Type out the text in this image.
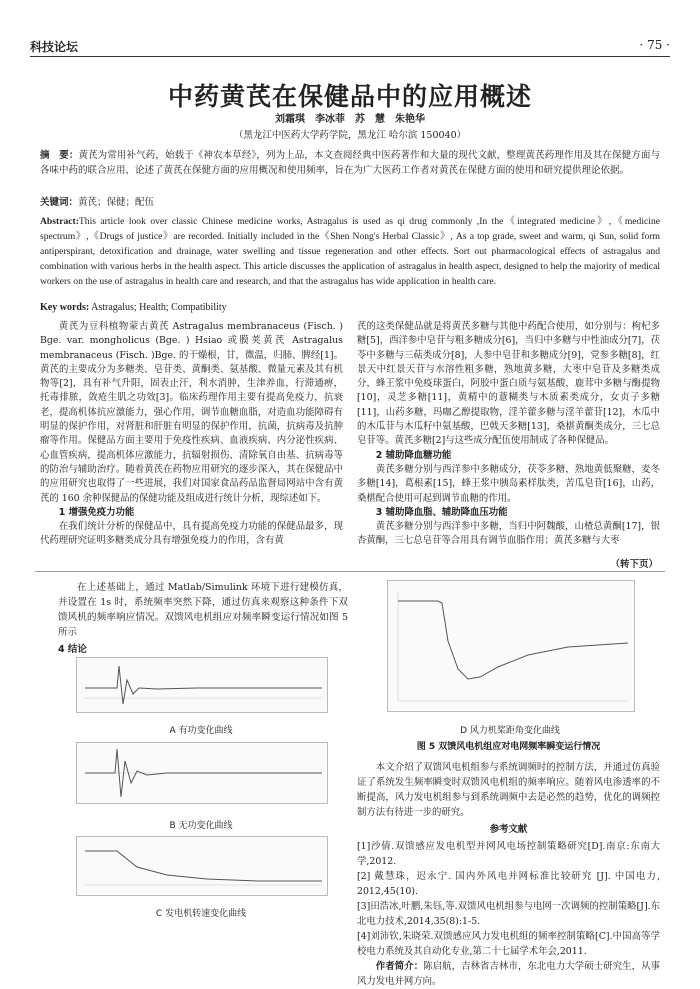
科技论坛	· 75 ·
中药黄芪在保健品中的应用概述
刘霜琪　李冰菲　苏　慧　朱艳华
（黑龙江中医药大学药学院，黑龙江 哈尔滨 150040）
摘　要：黄芪为常用补气药，始载于《神农本草经》，列为上品，本文查阅经典中医药著作和大量的现代文献，整理黄芪药理作用及其在保健方面与各味中药的联合应用，论述了黄芪在保健方面的应用概况和使用频率，旨在为广大医药工作者对黄芪在保健方面的使用和研究提供理论依据。
关键词：黄芪；保健；配伍
Abstract:This article look over classic Chinese medicine works, Astragalus is used as qi drug commonly ,In the《integrated medicine》,《medicine spectrum》,《Drugs of justice》are recorded. Initially included in the《Shen Nong's Herbal Classic》, As a top grade, sweet and warm, qi Sun, solid form antiperspirant, detoxification and drainage, water swelling and tissue regeneration and other effects. Sort out pharmacological effects of astragalus and combination with various herbs in the health aspect. This article discusses the application of astragalus in health aspect, designed to help the majority of medical workers on the use of astragalus in health care and research, and that the astragalus has wide application in health care.
Key words: Astragalus; Health; Compatibility

黄芪为豆科植物蒙古黄芪 Astragalus membranaceus (Fisch. ) Bge. var. mongholicus (Bge. ) Hsiao 或膜荚黄芪 Astragalus membranaceus (Fisch. )Bge. 的干燥根，甘，微温，归肺、脾经[1]。黄芪的主要成分为多糖类、皂苷类、黄酮类、氨基酸、微量元素及其有机物等[2]，具有补气升阳，固表止汗，利水消肿，生津养血，行滞通痹，托毒排脓，敛疮生肌之功效[3]。临床药理作用主要有提高免疫力，抗衰老，提高机体抗应激能力，强心作用，调节血糖血脂，对造血功能障碍有明显的保护作用，对肾脏和肝脏有明显的保护作用，抗菌，抗病毒及抗肿瘤等作用。保健品方面主要用于免疫性疾病、血液疾病、内分泌性疾病、心血管疾病，提高机体应激能力，抗辐射损伤、清除氧自由基、抗病毒等的防治与辅助治疗。随着黄芪在药物应用研究的逐步深入，其在保健品中的应用研究也取得了一些进展，我们对国家食品药品监督局网站中含有黄芪的 160 余种保健品的保健功能及组成进行统计分析，现综述如下。

1 增强免疫力功能

在我们统计分析的保健品中，具有提高免疫力功能的保健品最多，现代药理研究证明多糖类成分具有增强免疫力的作用，含有黄

芪的这类保健品就是将黄芪多糖与其他中药配合使用，如分别与：枸杞多糖[5]，西洋参中皂苷与粗多糖成分[6]，当归中多糖与中性油成分[7]，茯苓中多糖与三萜类成分[8]，人参中皂苷和多糖成分[9]，党参多糖[8]，红景天中红景天苷与水溶性粗多糖，熟地黄多糖，大枣中皂苷及多糖类成分，蜂王浆中免疫球蛋白，阿胶中蛋白质与氨基酸，鹿茸中多糖与酶提物[10]，灵芝多糖[11]，黄精中的薏糊类与木质素类成分，女贞子多糖[11]，山药多糖，玛咖乙醇提取物，淫羊藿多糖与淫羊藿苷[12]，木瓜中的木瓜苷与木瓜籽中氨基酸，巴戟天多糖[13]，桑椹黄酮类成分，三七总皂苷等。黄芪多糖[2]与这些成分配伍使用制成了各种保健品。

2 辅助降血糖功能

黄芪多糖分别与西洋参中多糖成分，茯苓多糖，熟地黄低聚糖，麦冬多糖[14]，葛根素[15]，蜂王浆中胰岛素样肽类，苦瓜皂苷[16]，山药，桑椹配合使用可起到调节血糖的作用。

3 辅助降血脂、辅助降血压功能

黄芪多糖分别与西洋参中多糖，当归中阿魏酸，山楂总黄酮[17]，银杏黄酮，三七总皂苷等合用具有调节血脂作用；黄芪多糖与大枣

（转下页）

在上述基础上，通过 Matlab/Simulink 环境下进行建模仿真，并设置在 1s 时，系统频率突然下降，通过仿真来观察这种条件下双馈风机的频率响应情况。双馈风电机组应对频率瞬变运行情况如图 5 所示

4 结论

A 有功变化曲线
B 无功变化曲线
C 发电机转速变化曲线
D 风力机桨距角变化曲线
图 5 双馈风电机组应对电网频率瞬变运行情况

本文介绍了双馈风电机组参与系统调频时的控制方法，并通过仿真验证了系统发生频率瞬变时双馈风电机组的频率响应。随着风电渗透率的不断提高，风力发电机组参与到系统调频中去是必然的趋势，优化的调频控制方法有待进一步的研究。

参考文献

[1]沙倩.双馈感应发电机型并网风电场控制策略研究[D].南京:东南大学,2012.

[2] 戴慧珠，迟永宁. 国内外风电并网标准比较研究 [J]. 中国电力, 2012,45(10).

[3]田浩冰,叶鹏,朱钰,等.双馈风电机组参与电网一次调频的控制策略[J].东北电力技术,2014,35(8):1-5.

[4]刘沛钦,朱晓荣.双馈感应风力发电机组的频率控制策略[C].中国高等学校电力系统及其自动化专业,第二十七届学术年会,2011.

作者简介：陈启航，吉林省吉林市，东北电力大学硕士研究生，从事风力发电并网方向。
